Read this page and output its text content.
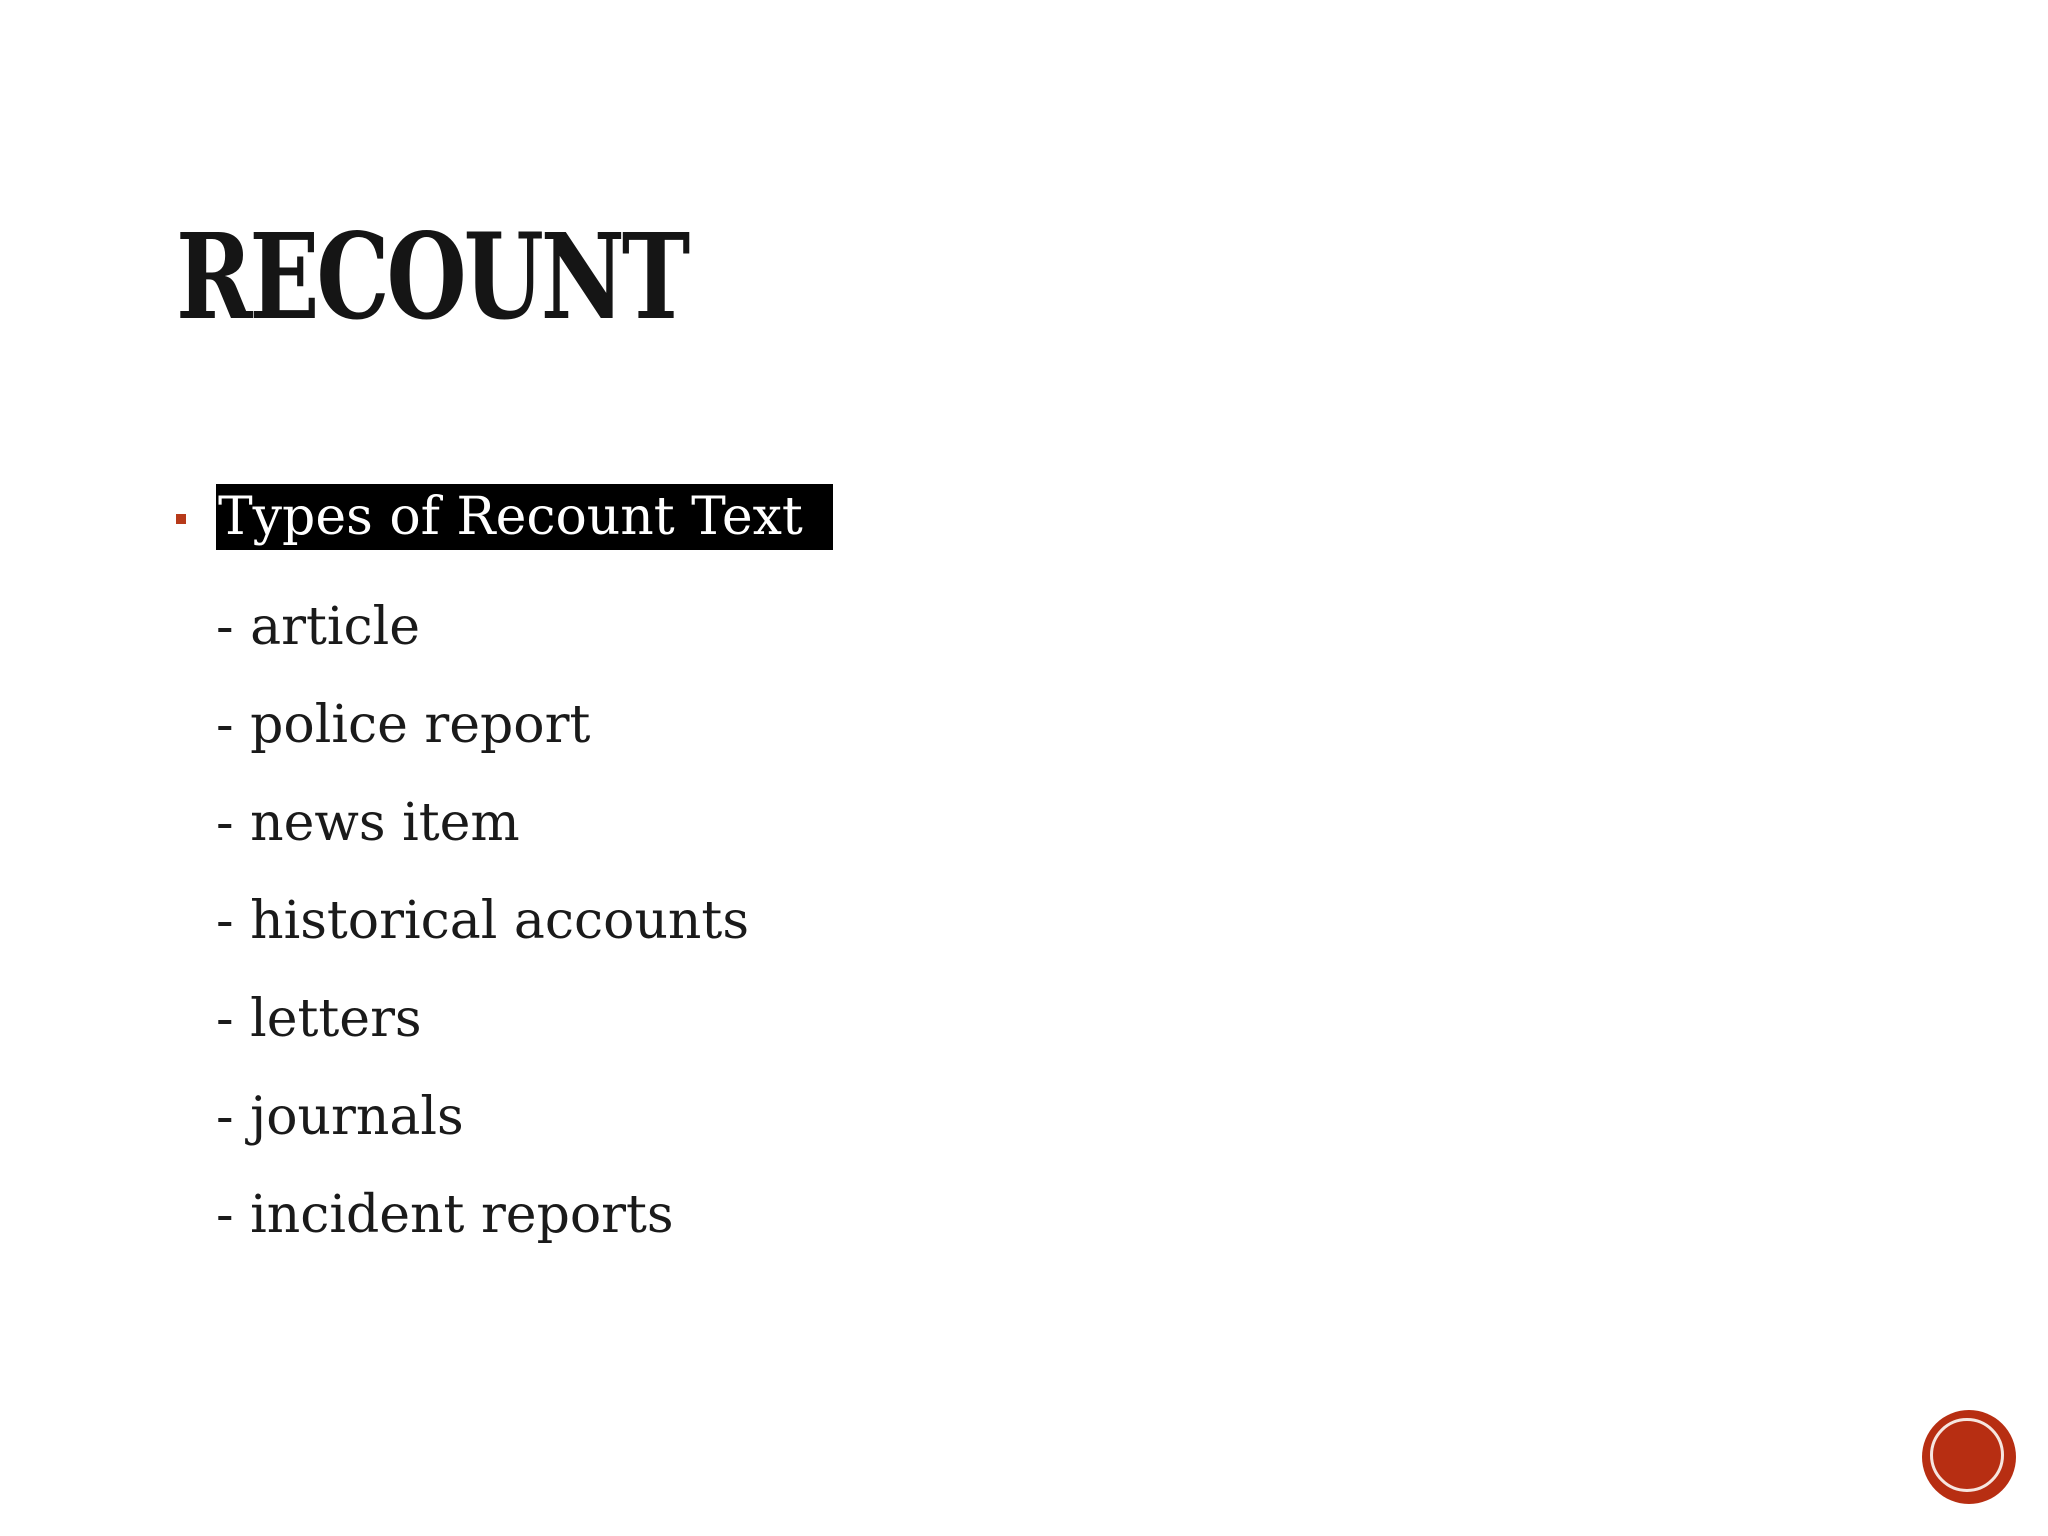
RECOUNT
Types of Recount Text
- article
- police report
- news item
- historical accounts
- letters
- journals
- incident reports
